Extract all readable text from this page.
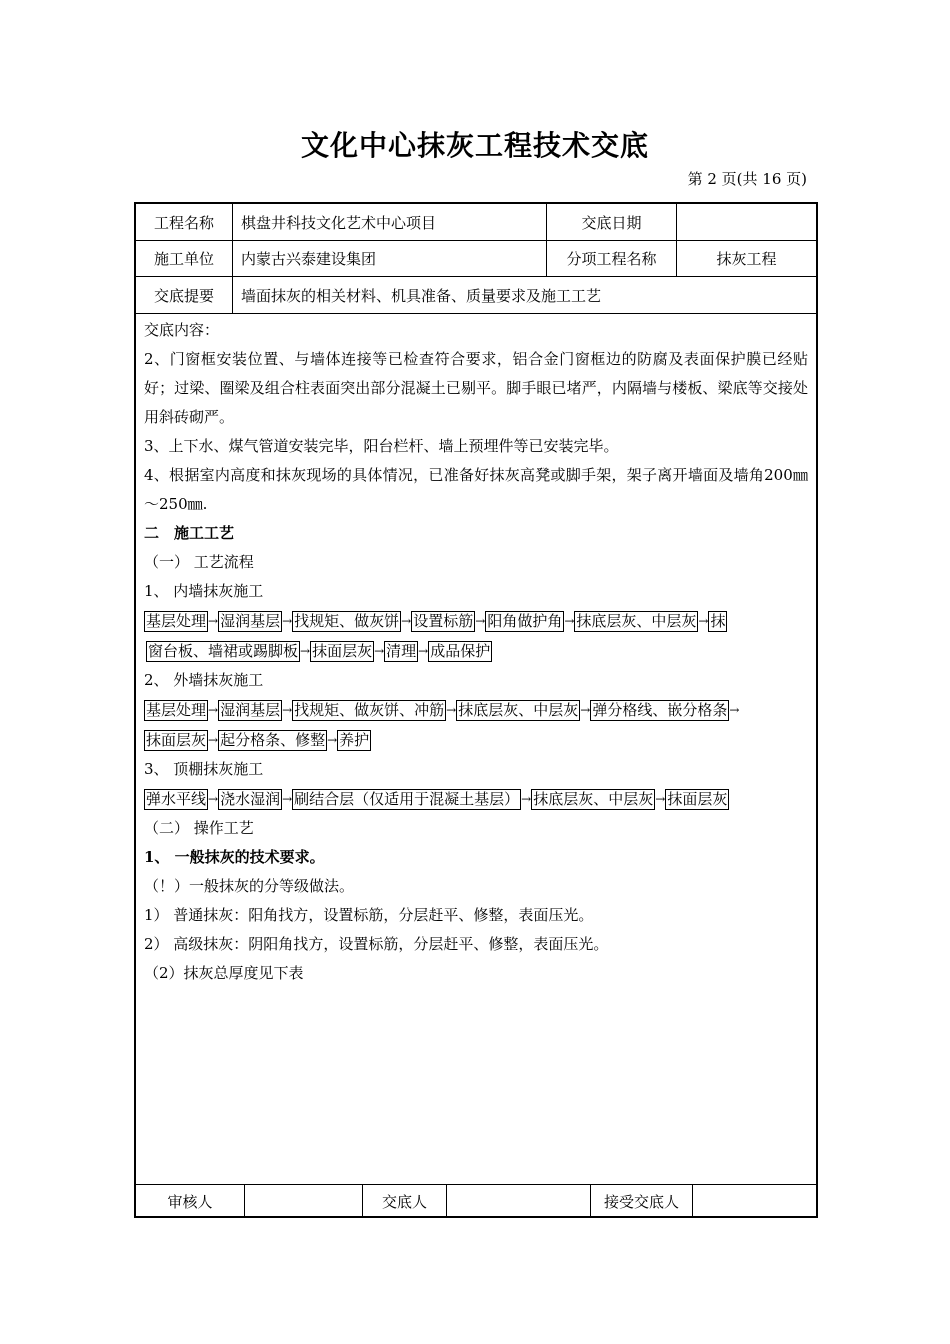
文化中心抹灰工程技术交底
第 2 页(共 16 页)
工程名称	棋盘井科技文化艺术中心项目	交底日期
施工单位	内蒙古兴泰建设集团	分项工程名称	抹灰工程
交底提要	墙面抹灰的相关材料、机具准备、质量要求及施工工艺
交底内容：
2、门窗框安装位置、与墙体连接等已检查符合要求，铝合金门窗框边的防腐及表面保护膜已经贴好；过梁、圈梁及组合柱表面突出部分混凝土已剔平。脚手眼已堵严，内隔墙与楼板、梁底等交接处用斜砖砌严。
3、上下水、煤气管道安装完毕，阳台栏杆、墙上预埋件等已安装完毕。
4、根据室内高度和抹灰现场的具体情况，已准备好抹灰高凳或脚手架，架子离开墙面及墙角200㎜～250㎜.
二　施工工艺
（一） 工艺流程
1、 内墙抹灰施工
基层处理 → 湿润基层 → 找规矩、做灰饼 → 设置标筋 → 阳角做护角 → 抹底层灰、中层灰 → 抹
窗台板、墙裙或踢脚板 → 抹面层灰 → 清理 → 成品保护
2、 外墙抹灰施工
基层处理 → 湿润基层 → 找规矩、做灰饼、冲筋 → 抹底层灰、中层灰 → 弹分格线、嵌分格条 →
抹面层灰 → 起分格条、修整 → 养护
3、 顶棚抹灰施工
弹水平线 → 浇水湿润 → 刷结合层（仅适用于混凝土基层） → 抹底层灰、中层灰 → 抹面层灰
（二） 操作工艺
1、 一般抹灰的技术要求。
（！）一般抹灰的分等级做法。
1） 普通抹灰：阳角找方，设置标筋，分层赶平、修整，表面压光。
2） 高级抹灰：阴阳角找方，设置标筋，分层赶平、修整，表面压光。
（2）抹灰总厚度见下表
审核人	交底人	接受交底人
